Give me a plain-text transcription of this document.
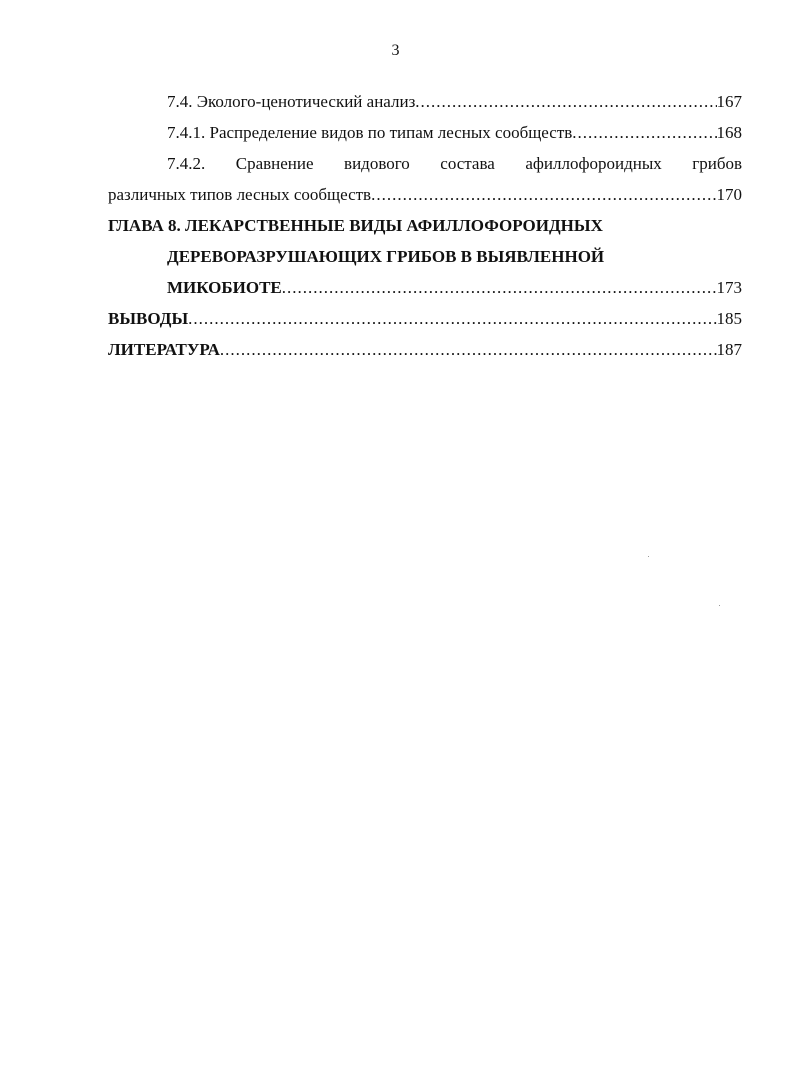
3
7.4. Эколого-ценотический анализ .....	167
7.4.1. Распределение видов по типам лесных сообществ .....	168
7.4.2. Сравнение видового состава афиллофороидных грибов
различных типов лесных сообществ .....	170
ГЛАВА 8. ЛЕКАРСТВЕННЫЕ ВИДЫ АФИЛЛОФОРОИДНЫХ
ДЕРЕВОРАЗРУШАЮЩИХ ГРИБОВ В ВЫЯВЛЕННОЙ
МИКОБИОТЕ .....	173
ВЫВОДЫ .....	185
ЛИТЕРАТУРА .....	187
